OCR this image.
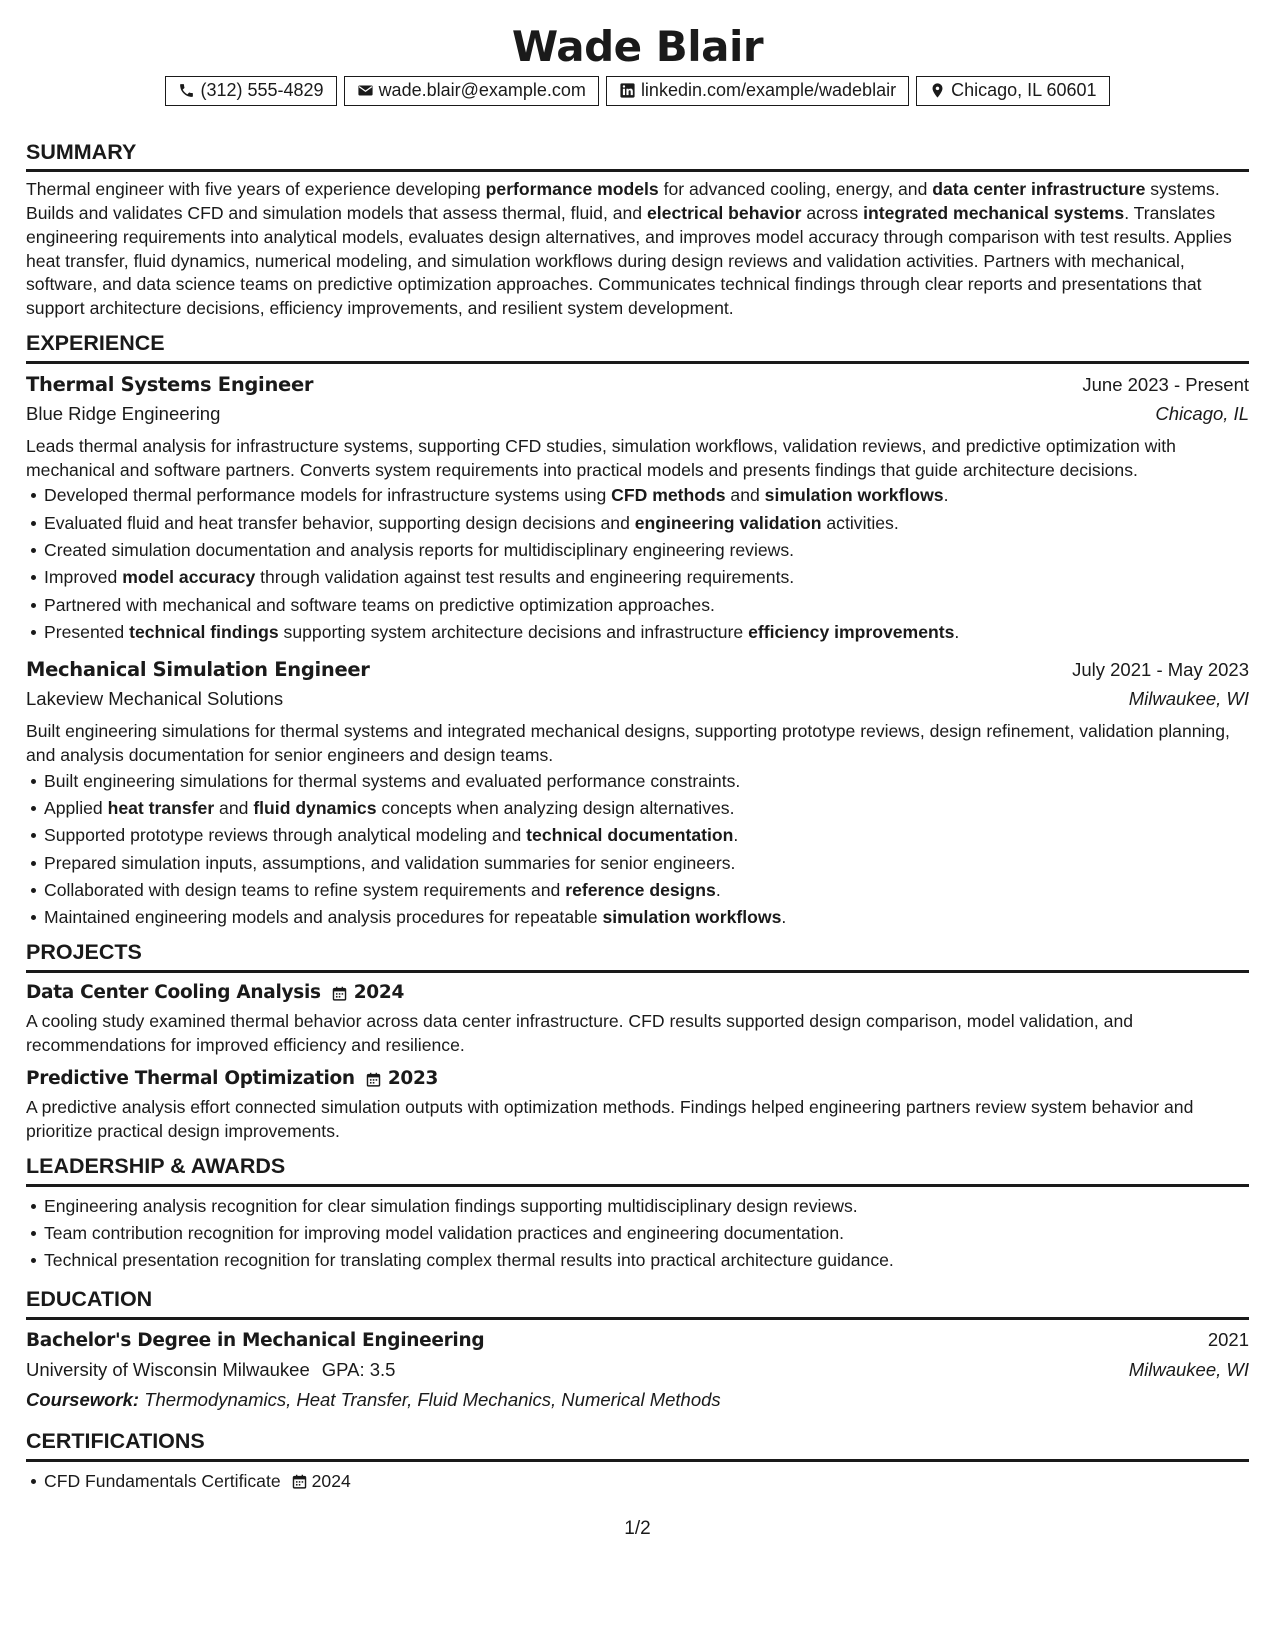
Wade Blair
(312) 555-4829	wade.blair@example.com	linkedin.com/example/wadeblair	Chicago, IL 60601
SUMMARY

Thermal engineer with five years of experience developing performance models for advanced cooling, energy, and data center infrastructure systems. Builds and validates CFD and simulation models that assess thermal, fluid, and electrical behavior across integrated mechanical systems. Translates engineering requirements into analytical models, evaluates design alternatives, and improves model accuracy through comparison with test results. Applies heat transfer, fluid dynamics, numerical modeling, and simulation workflows during design reviews and validation activities. Partners with mechanical, software, and data science teams on predictive optimization approaches. Communicates technical findings through clear reports and presentations that support architecture decisions, efficiency improvements, and resilient system development.

EXPERIENCE
Thermal Systems Engineer	June 2023 - Present
Blue Ridge Engineering	Chicago, IL

Leads thermal analysis for infrastructure systems, supporting CFD studies, simulation workflows, validation reviews, and predictive optimization with mechanical and software partners. Converts system requirements into practical models and presents findings that guide architecture decisions.

Developed thermal performance models for infrastructure systems using CFD methods and simulation workflows.
Evaluated fluid and heat transfer behavior, supporting design decisions and engineering validation activities.
Created simulation documentation and analysis reports for multidisciplinary engineering reviews.
Improved model accuracy through validation against test results and engineering requirements.
Partnered with mechanical and software teams on predictive optimization approaches.
Presented technical findings supporting system architecture decisions and infrastructure efficiency improvements.
Mechanical Simulation Engineer	July 2021 - May 2023
Lakeview Mechanical Solutions	Milwaukee, WI

Built engineering simulations for thermal systems and integrated mechanical designs, supporting prototype reviews, design refinement, validation planning, and analysis documentation for senior engineers and design teams.

Built engineering simulations for thermal systems and evaluated performance constraints.
Applied heat transfer and fluid dynamics concepts when analyzing design alternatives.
Supported prototype reviews through analytical modeling and technical documentation.
Prepared simulation inputs, assumptions, and validation summaries for senior engineers.
Collaborated with design teams to refine system requirements and reference designs.
Maintained engineering models and analysis procedures for repeatable simulation workflows.
PROJECTS
Data Center Cooling Analysis 2024

A cooling study examined thermal behavior across data center infrastructure. CFD results supported design comparison, model validation, and recommendations for improved efficiency and resilience.

Predictive Thermal Optimization 2023

A predictive analysis effort connected simulation outputs with optimization methods. Findings helped engineering partners review system behavior and prioritize practical design improvements.

LEADERSHIP & AWARDS
Engineering analysis recognition for clear simulation findings supporting multidisciplinary design reviews.
Team contribution recognition for improving model validation practices and engineering documentation.
Technical presentation recognition for translating complex thermal results into practical architecture guidance.
EDUCATION
Bachelor's Degree in Mechanical Engineering	2021
University of Wisconsin Milwaukee GPA: 3.5	Milwaukee, WI
Coursework: Thermodynamics, Heat Transfer, Fluid Mechanics, Numerical Methods
CERTIFICATIONS
CFD Fundamentals Certificate 2024
1/2
